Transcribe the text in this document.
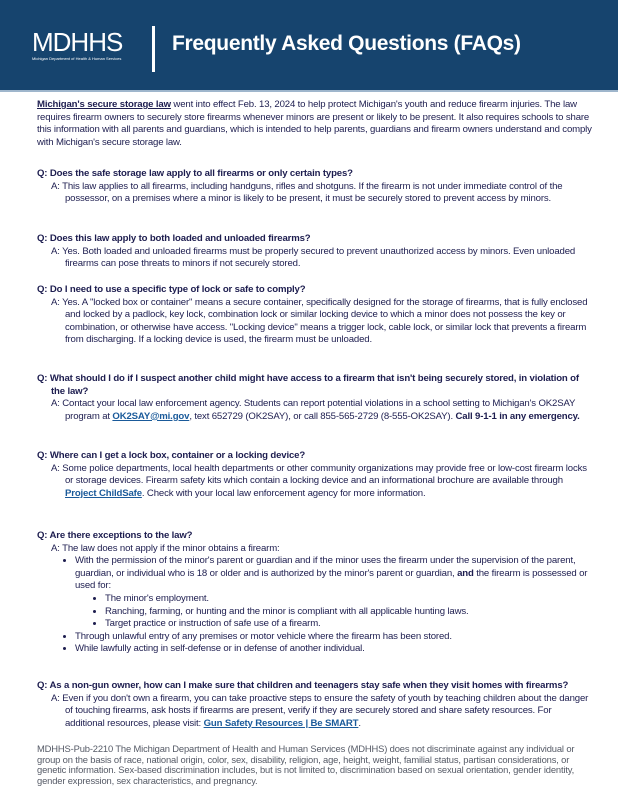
MDHHS
Michigan Department of Health & Human Services
Frequently Asked Questions (FAQs)
Michigan's secure storage law went into effect Feb. 13, 2024 to help protect Michigan's youth and reduce firearm injuries. The law requires firearm owners to securely store firearms whenever minors are present or likely to be present. It also requires schools to share this information with all parents and guardians, which is intended to help parents, guardians and firearm owners understand and comply with Michigan's secure storage law.
Q: Does the safe storage law apply to all firearms or only certain types?
A: This law applies to all firearms, including handguns, rifles and shotguns. If the firearm is not under immediate control of the possessor, on a premises where a minor is likely to be present, it must be securely stored to prevent access by minors.
Q: Does this law apply to both loaded and unloaded firearms?
A: Yes. Both loaded and unloaded firearms must be properly secured to prevent unauthorized access by minors. Even unloaded firearms can pose threats to minors if not securely stored.
Q: Do I need to use a specific type of lock or safe to comply?
A: Yes. A "locked box or container" means a secure container, specifically designed for the storage of firearms, that is fully enclosed and locked by a padlock, key lock, combination lock or similar locking device to which a minor does not possess the key or combination, or otherwise have access. "Locking device" means a trigger lock, cable lock, or similar lock that prevents a firearm from discharging. If a locking device is used, the firearm must be unloaded.
Q: What should I do if I suspect another child might have access to a firearm that isn't being securely stored, in violation of the law?
A: Contact your local law enforcement agency. Students can report potential violations in a school setting to Michigan's OK2SAY program at OK2SAY@mi.gov, text 652729 (OK2SAY), or call 855-565-2729 (8-555-OK2SAY). Call 9-1-1 in any emergency.
Q: Where can I get a lock box, container or a locking device?
A: Some police departments, local health departments or other community organizations may provide free or low-cost firearm locks or storage devices. Firearm safety kits which contain a locking device and an informational brochure are available through Project ChildSafe. Check with your local law enforcement agency for more information.
Q: Are there exceptions to the law?
A: The law does not apply if the minor obtains a firearm:
• With the permission of the minor's parent or guardian and if the minor uses the firearm under the supervision of the parent, guardian, or individual who is 18 or older and is authorized by the minor's parent or guardian, and the firearm is possessed or used for:
• The minor's employment.
• Ranching, farming, or hunting and the minor is compliant with all applicable hunting laws.
• Target practice or instruction of safe use of a firearm.
• Through unlawful entry of any premises or motor vehicle where the firearm has been stored.
• While lawfully acting in self-defense or in defense of another individual.
Q: As a non-gun owner, how can I make sure that children and teenagers stay safe when they visit homes with firearms?
A: Even if you don't own a firearm, you can take proactive steps to ensure the safety of youth by teaching children about the danger of touching firearms, ask hosts if firearms are present, verify if they are securely stored and share safety resources. For additional resources, please visit: Gun Safety Resources | Be SMART.
MDHHS-Pub-2210 The Michigan Department of Health and Human Services (MDHHS) does not discriminate against any individual or group on the basis of race, national origin, color, sex, disability, religion, age, height, weight, familial status, partisan considerations, or genetic information. Sex-based discrimination includes, but is not limited to, discrimination based on sexual orientation, gender identity, gender expression, sex characteristics, and pregnancy.
